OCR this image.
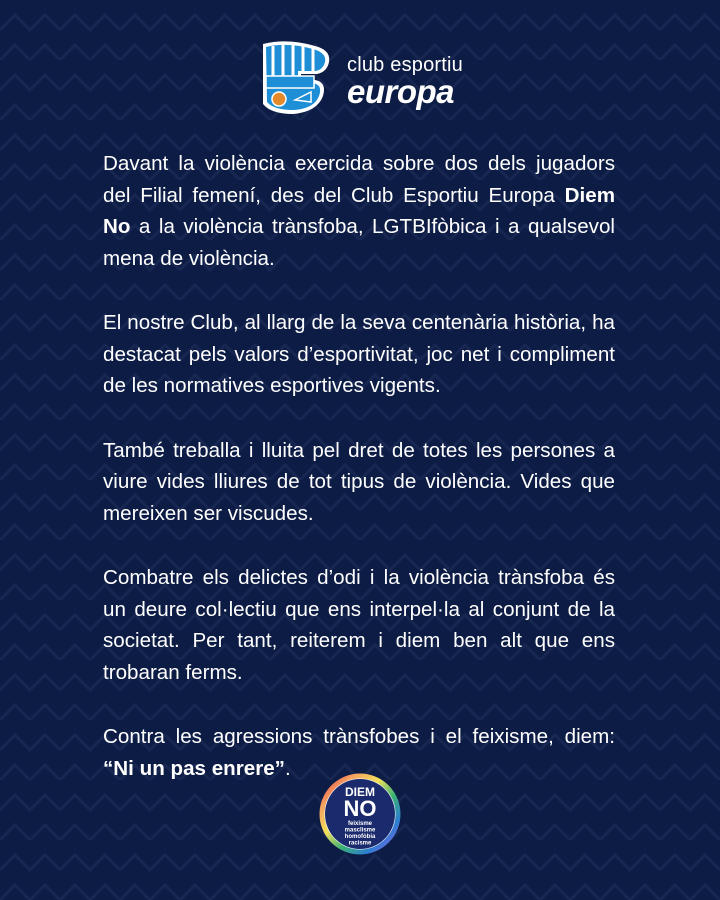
club esportiu
europa

Davant la violència exercida sobre dos dels jugadors del Filial femení, des del Club Esportiu Europa Diem No a la violència trànsfoba, LGTBIfòbica i a qualsevol mena de violència.

El nostre Club, al llarg de la seva centenària història, ha destacat pels valors d’esportivitat, joc net i compliment de les normatives esportives vigents.

També treballa i lluita pel dret de totes les persones a viure vides lliures de tot tipus de violència. Vides que mereixen ser viscudes.

Combatre els delictes d’odi i la violència trànsfoba és un deure col·lectiu que ens interpel·la al conjunt de la societat. Per tant, reiterem i diem ben alt que ens trobaran ferms.

Contra les agressions trànsfobes i el feixisme, diem: “Ni un pas enrere”.

DIEM
NO
feixisme
masclisme
homofòbia
racisme
